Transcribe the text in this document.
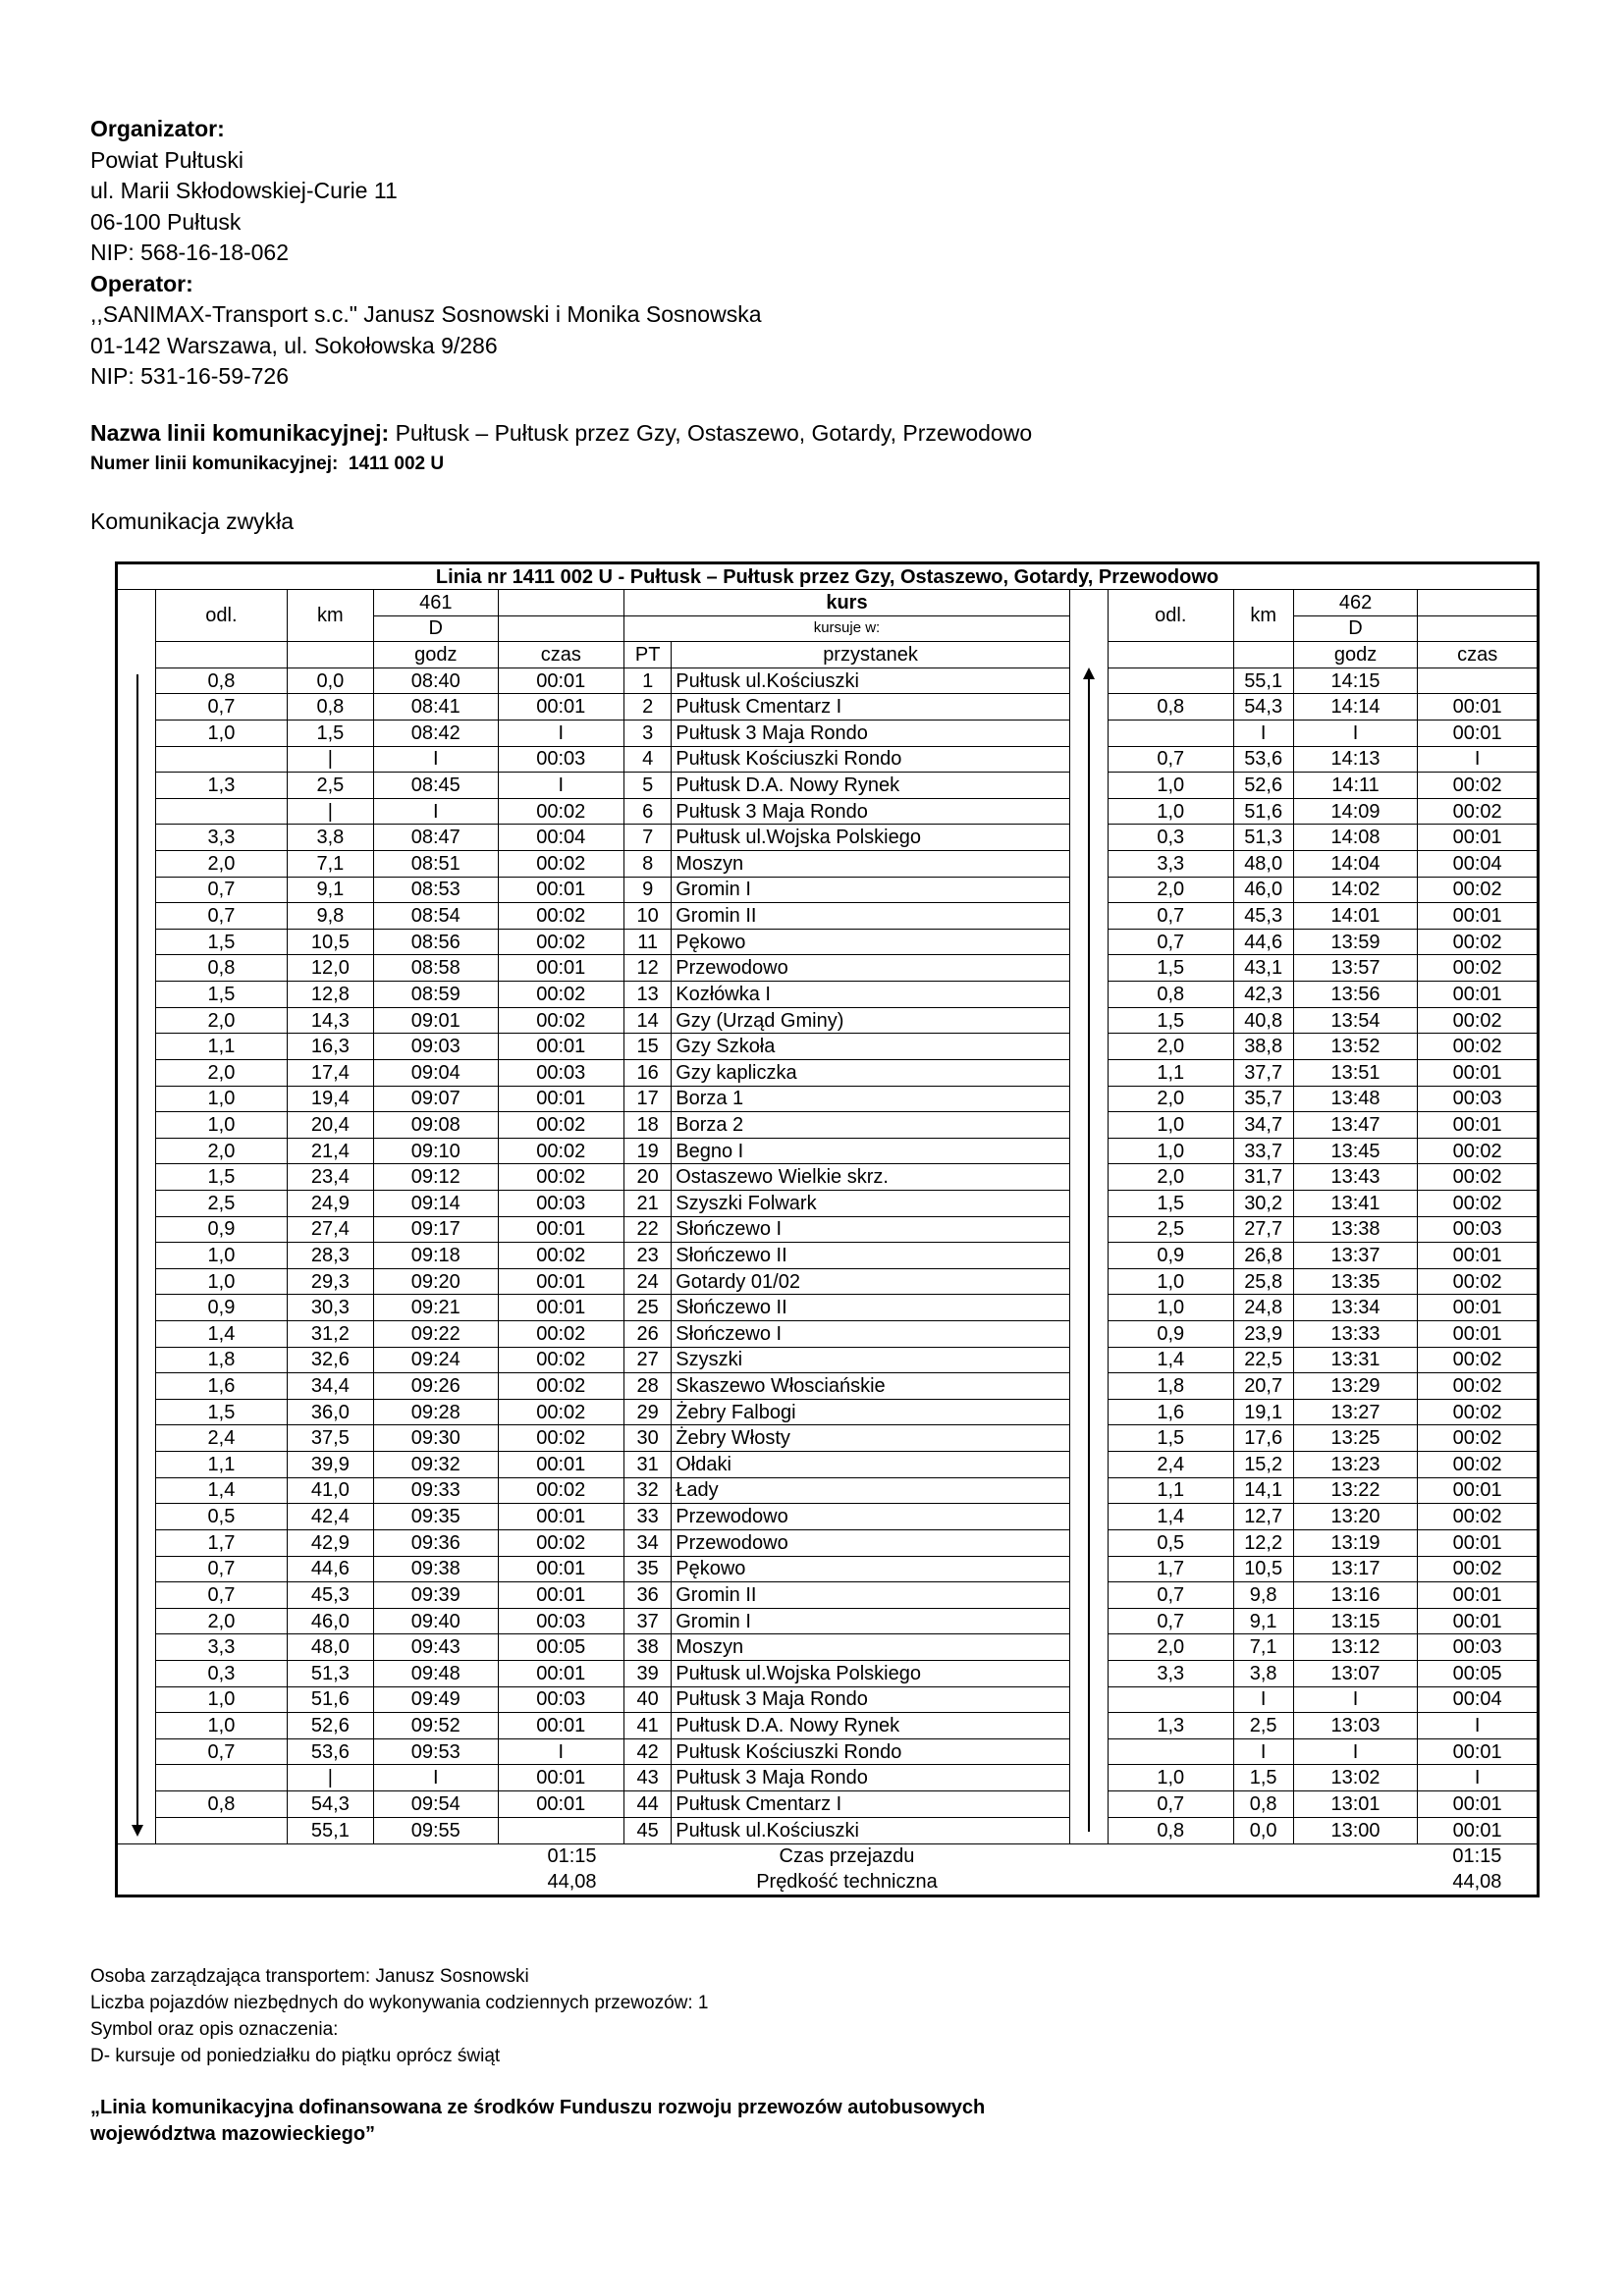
Organizator:
Powiat Pułtuski
ul. Marii Skłodowskiej-Curie 11
06-100 Pułtusk
NIP: 568-16-18-062
Operator:
,,SANIMAX-Transport s.c." Janusz Sosnowski i Monika Sosnowska
01-142 Warszawa, ul. Sokołowska 9/286
NIP: 531-16-59-726
Nazwa linii komunikacyjnej: Pułtusk – Pułtusk przez Gzy, Ostaszewo, Gotardy, Przewodowo
Numer linii komunikacyjnej: 1411 002 U
Komunikacja zwykła
Linia nr 1411 002 U - Pułtusk – Pułtusk przez Gzy, Ostaszewo, Gotardy, Przewodowo											
	odl.	km	461		kurs			odl.	km	462	
			D		kursuje w:					D	
			godz	czas	PT	przystanek				godz	czas

	0,8	0,0	08:40	00:01	1	Pułtusk ul.Kościuszki			55,1	14:15	
	0,7	0,8	08:41	00:01	2	Pułtusk Cmentarz I		0,8	54,3	14:14	00:01
	1,0	1,5	08:42	I	3	Pułtusk 3 Maja Rondo			I	I	00:01
		|	I	00:03	4	Pułtusk Kościuszki Rondo		0,7	53,6	14:13	I
	1,3	2,5	08:45	I	5	Pułtusk D.A. Nowy Rynek		1,0	52,6	14:11	00:02
		|	I	00:02	6	Pułtusk 3 Maja Rondo		1,0	51,6	14:09	00:02
	3,3	3,8	08:47	00:04	7	Pułtusk ul.Wojska Polskiego		0,3	51,3	14:08	00:01
	2,0	7,1	08:51	00:02	8	Moszyn		3,3	48,0	14:04	00:04
	0,7	9,1	08:53	00:01	9	Gromin I		2,0	46,0	14:02	00:02
	0,7	9,8	08:54	00:02	10	Gromin II		0,7	45,3	14:01	00:01
	1,5	10,5	08:56	00:02	11	Pękowo		0,7	44,6	13:59	00:02
	0,8	12,0	08:58	00:01	12	Przewodowo		1,5	43,1	13:57	00:02
	1,5	12,8	08:59	00:02	13	Kozłówka I		0,8	42,3	13:56	00:01
	2,0	14,3	09:01	00:02	14	Gzy (Urząd Gminy)		1,5	40,8	13:54	00:02
	1,1	16,3	09:03	00:01	15	Gzy Szkoła		2,0	38,8	13:52	00:02
	2,0	17,4	09:04	00:03	16	Gzy kapliczka		1,1	37,7	13:51	00:01
	1,0	19,4	09:07	00:01	17	Borza 1		2,0	35,7	13:48	00:03
	1,0	20,4	09:08	00:02	18	Borza 2		1,0	34,7	13:47	00:01
	2,0	21,4	09:10	00:02	19	Begno I		1,0	33,7	13:45	00:02
	1,5	23,4	09:12	00:02	20	Ostaszewo Wielkie skrz.		2,0	31,7	13:43	00:02
	2,5	24,9	09:14	00:03	21	Szyszki Folwark		1,5	30,2	13:41	00:02
	0,9	27,4	09:17	00:01	22	Słończewo I		2,5	27,7	13:38	00:03
	1,0	28,3	09:18	00:02	23	Słończewo II		0,9	26,8	13:37	00:01
	1,0	29,3	09:20	00:01	24	Gotardy 01/02		1,0	25,8	13:35	00:02
	0,9	30,3	09:21	00:01	25	Słończewo II		1,0	24,8	13:34	00:01
	1,4	31,2	09:22	00:02	26	Słończewo I		0,9	23,9	13:33	00:01
	1,8	32,6	09:24	00:02	27	Szyszki		1,4	22,5	13:31	00:02
	1,6	34,4	09:26	00:02	28	Skaszewo Włosciańskie		1,8	20,7	13:29	00:02
	1,5	36,0	09:28	00:02	29	Żebry Falbogi		1,6	19,1	13:27	00:02
	2,4	37,5	09:30	00:02	30	Żebry Włosty		1,5	17,6	13:25	00:02
	1,1	39,9	09:32	00:01	31	Ołdaki		2,4	15,2	13:23	00:02
	1,4	41,0	09:33	00:02	32	Łady		1,1	14,1	13:22	00:01
	0,5	42,4	09:35	00:01	33	Przewodowo		1,4	12,7	13:20	00:02
	1,7	42,9	09:36	00:02	34	Przewodowo		0,5	12,2	13:19	00:01
	0,7	44,6	09:38	00:01	35	Pękowo		1,7	10,5	13:17	00:02
	0,7	45,3	09:39	00:01	36	Gromin II		0,7	9,8	13:16	00:01
	2,0	46,0	09:40	00:03	37	Gromin I		0,7	9,1	13:15	00:01
	3,3	48,0	09:43	00:05	38	Moszyn		2,0	7,1	13:12	00:03
	0,3	51,3	09:48	00:01	39	Pułtusk ul.Wojska Polskiego		3,3	3,8	13:07	00:05
	1,0	51,6	09:49	00:03	40	Pułtusk 3 Maja Rondo			I	I	00:04
	1,0	52,6	09:52	00:01	41	Pułtusk D.A. Nowy Rynek		1,3	2,5	13:03	I
	0,7	53,6	09:53	I	42	Pułtusk Kościuszki Rondo			I	I	00:01
		|	I	00:01	43	Pułtusk 3 Maja Rondo		1,0	1,5	13:02	I
	0,8	54,3	09:54	00:01	44	Pułtusk Cmentarz I		0,7	0,8	13:01	00:01
		55,1	09:55		45	Pułtusk ul.Kościuszki		0,8	0,0	13:00	00:01
01:15					Czas przejazdu						01:15
44,08					Prędkość techniczna						44,08
Osoba zarządzająca transportem: Janusz Sosnowski
Liczba pojazdów niezbędnych do wykonywania codziennych przewozów: 1
Symbol oraz opis oznaczenia:
D- kursuje od poniedziałku do piątku oprócz świąt
„Linia komunikacyjna dofinansowana ze środków Funduszu rozwoju przewozów autobusowych
województwa mazowieckiego”
